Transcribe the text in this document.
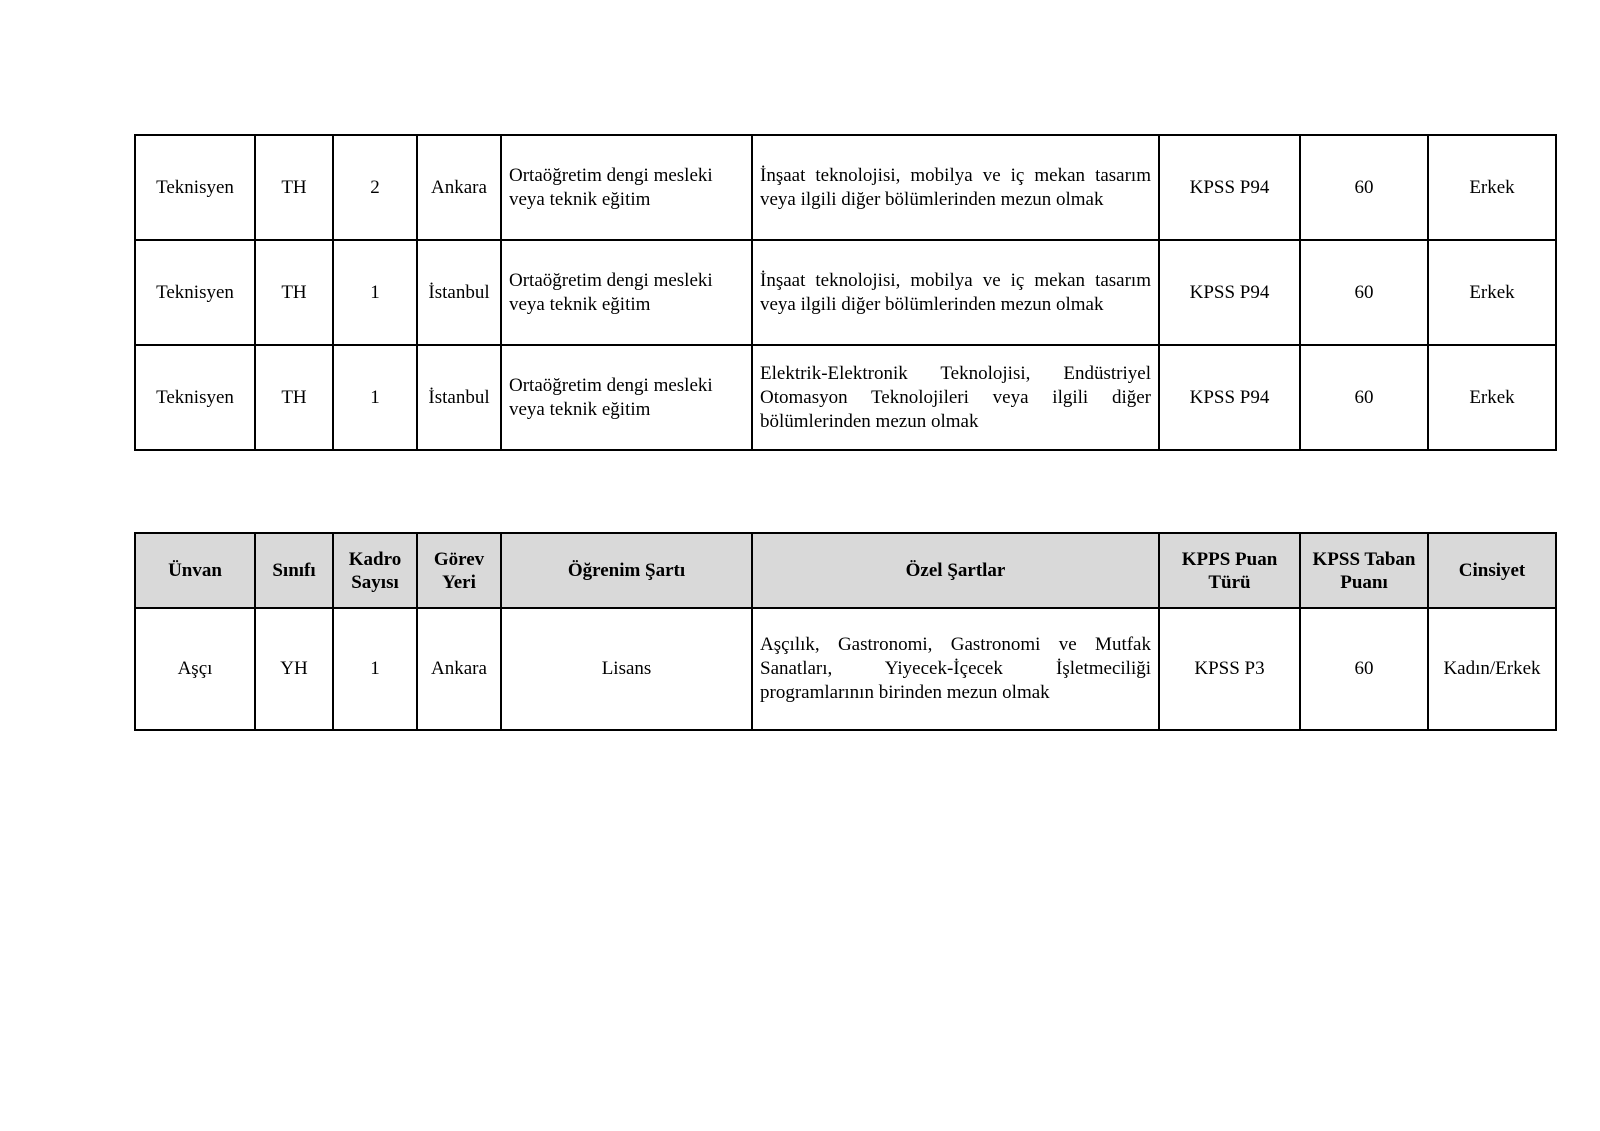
Teknisyen	TH	2	Ankara	Ortaöğretim dengi mesleki veya teknik eğitim	İnşaat teknolojisi, mobilya ve iç mekan tasarım veya ilgili diğer bölümlerinden mezun olmak	KPSS P94	60	Erkek
Teknisyen	TH	1	İstanbul	Ortaöğretim dengi mesleki veya teknik eğitim	İnşaat teknolojisi, mobilya ve iç mekan tasarım veya ilgili diğer bölümlerinden mezun olmak	KPSS P94	60	Erkek
Teknisyen	TH	1	İstanbul	Ortaöğretim dengi mesleki veya teknik eğitim	Elektrik-Elektronik Teknolojisi, Endüstriyel Otomasyon Teknolojileri veya ilgili diğer bölümlerinden mezun olmak	KPSS P94	60	Erkek
Ünvan	Sınıfı	Kadro Sayısı	Görev Yeri	Öğrenim Şartı	Özel Şartlar	KPPS Puan Türü	KPSS Taban Puanı	Cinsiyet
Aşçı	YH	1	Ankara	Lisans	Aşçılık, Gastronomi, Gastronomi ve Mutfak Sanatları, Yiyecek-İçecek İşletmeciliği programlarının birinden mezun olmak	KPSS P3	60	Kadın/Erkek
